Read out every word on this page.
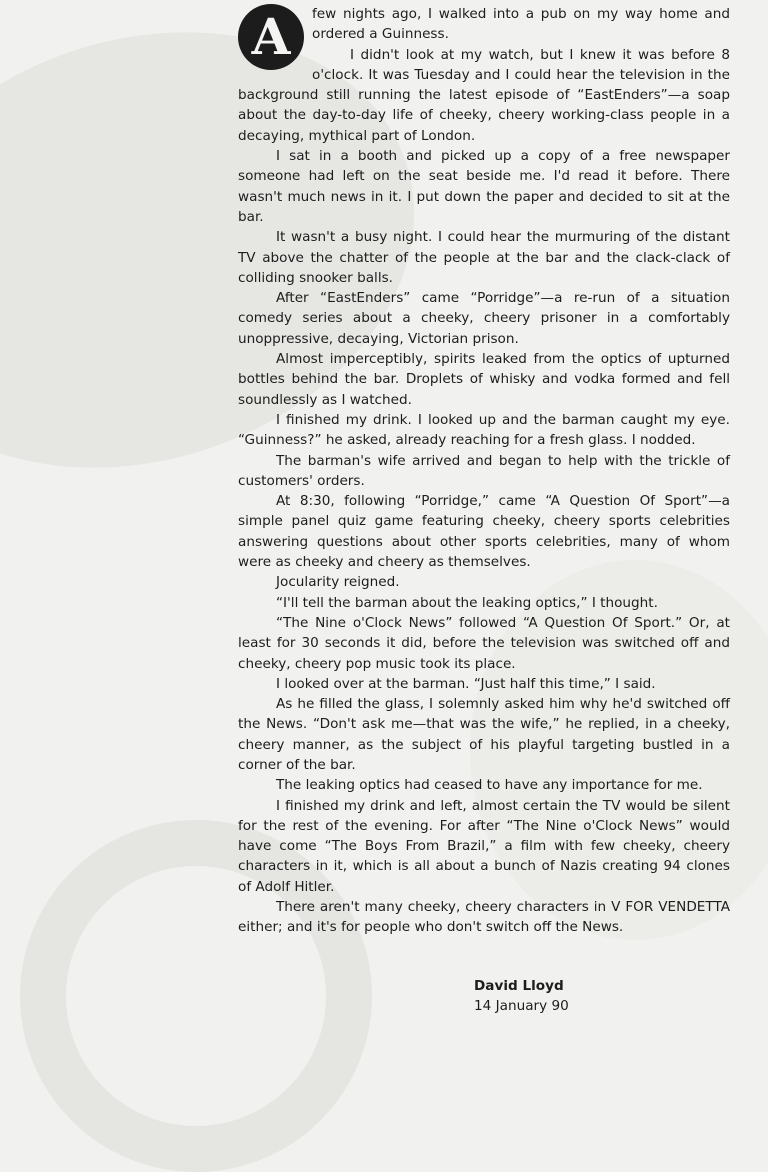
A	few nights ago, I walked into a pub on my way home and ordered a Guinness.

I didn't look at my watch, but I knew it was before 8 o'clock. It was Tuesday and I could hear the television in the background still running the latest episode of “EastEnders”—a soap about the day-to-day life of cheeky, cheery working-class people in a decaying, mythical part of London.

I sat in a booth and picked up a copy of a free newspaper someone had left on the seat beside me. I'd read it before. There wasn't much news in it. I put down the paper and decided to sit at the bar.

It wasn't a busy night. I could hear the murmuring of the distant TV above the chatter of the people at the bar and the clack-clack of colliding snooker balls.

After “EastEnders” came “Porridge”—a re-run of a situation comedy series about a cheeky, cheery prisoner in a comfortably unoppressive, decaying, Victorian prison.

Almost imperceptibly, spirits leaked from the optics of upturned bottles behind the bar. Droplets of whisky and vodka formed and fell soundlessly as I watched.

I finished my drink. I looked up and the barman caught my eye. “Guinness?” he asked, already reaching for a fresh glass. I nodded.

The barman's wife arrived and began to help with the trickle of customers' orders.

At 8:30, following “Porridge,” came “A Question Of Sport”—a simple panel quiz game featuring cheeky, cheery sports celebrities answering questions about other sports celebrities, many of whom were as cheeky and cheery as themselves.

Jocularity reigned.

“I'll tell the barman about the leaking optics,” I thought.

“The Nine o'Clock News” followed “A Question Of Sport.” Or, at least for 30 seconds it did, before the television was switched off and cheeky, cheery pop music took its place.

I looked over at the barman. “Just half this time,” I said.

As he filled the glass, I solemnly asked him why he'd switched off the News. “Don't ask me—that was the wife,” he replied, in a cheeky, cheery manner, as the subject of his playful targeting bustled in a corner of the bar.

The leaking optics had ceased to have any importance for me.

I finished my drink and left, almost certain the TV would be silent for the rest of the evening. For after “The Nine o'Clock News” would have come “The Boys From Brazil,” a film with few cheeky, cheery characters in it, which is all about a bunch of Nazis creating 94 clones of Adolf Hitler.

There aren't many cheeky, cheery characters in V FOR VENDETTA either; and it's for people who don't switch off the News.

David Lloyd
14 January 90
